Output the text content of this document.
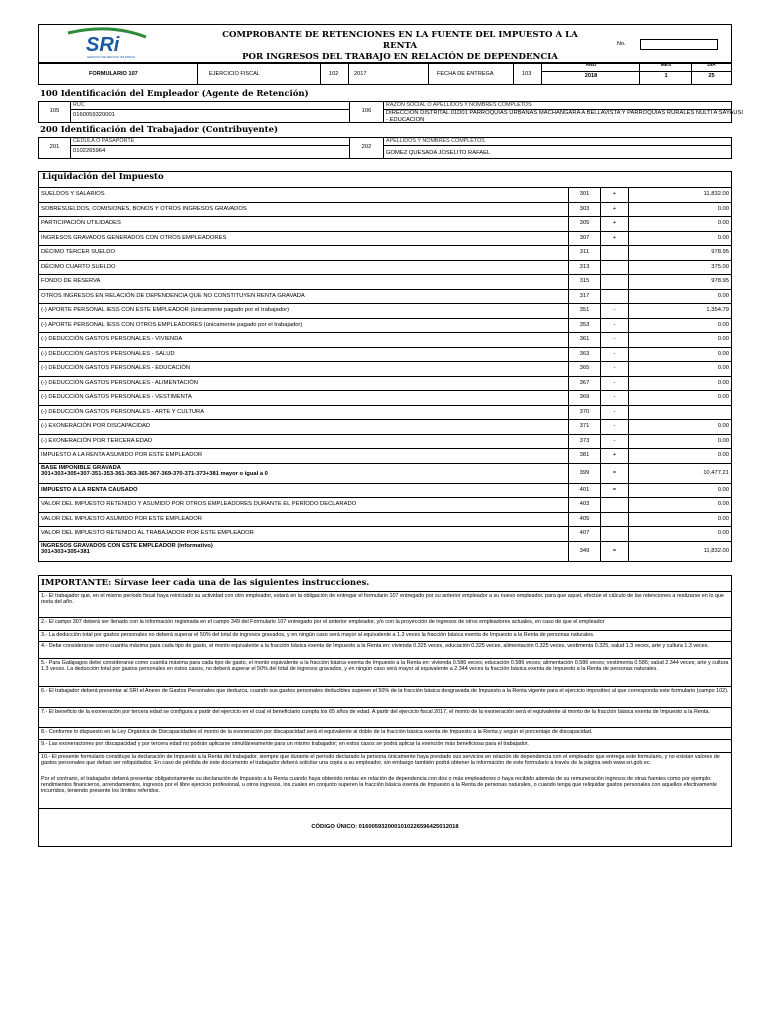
SRi
SERVICIO DE RENTAS INTERNAS
COMPROBANTE DE RETENCIONES EN LA FUENTE DEL IMPUESTO A LA RENTA
POR INGRESOS DEL TRABAJO EN RELACIÓN DE DEPENDENCIA
No.
FORMULARIO 107	EJERCICIO FISCAL	102	2017	FECHA DE ENTREGA	103
AÑO
2018
MES
1
DIA
25
100 Identificación del Empleador (Agente de Retención)
105
RUC
0160059320001
106
RAZÓN SOCIAL O APELLIDOS Y NOMBRES COMPLETOS
DIRECCION DISTRITAL 01D01 PARROQUIAS URBANAS MACHANGARA A BELLAVISTA Y PARROQUIAS RURALES NULTI A SAYAUSI
- EDUCACION
200 Identificación del Trabajador (Contribuyente)
201
CÉDULA O PASAPORTE
0102265964
202
APELLIDOS Y NOMBRES COMPLETOS
GOMEZ QUESADA JOSELITO RAFAEL
SUELDOS Y SALARIOS	301	+	11,832.00
SOBRESUELDOS, COMISIONES, BONOS Y OTROS INGRESOS GRAVADOS	303	+	0.00
PARTICIPACIÓN UTILIDADES	305	+	0.00
INGRESOS GRAVADOS GENERADOS CON OTROS EMPLEADORES	307	+	0.00
DÉCIMO TERCER SUELDO	311	978.95
DÉCIMO CUARTO SUELDO	313	375.00
FONDO DE RESERVA	315	978.95
OTROS INGRESOS EN RELACIÓN DE DEPENDENCIA QUE NO CONSTITUYEN RENTA GRAVADA	317	0.00
(-) APORTE PERSONAL IESS CON ESTE EMPLEADOR (únicamente pagado por el trabajador)	351	-	1,354.79
(-) APORTE PERSONAL IESS CON OTROS EMPLEADORES (únicamente pagado por el trabajador)	353	-	0.00
(-) DEDUCCIÓN GASTOS PERSONALES - VIVIENDA	361	-	0.00
(-) DEDUCCIÓN GASTOS PERSONALES - SALUD	363	-	0.00
(-) DEDUCCIÓN GASTOS PERSONALES - EDUCACIÓN	365	-	0.00
(-) DEDUCCIÓN GASTOS PERSONALES - ALIMENTACIÓN	367	-	0.00
(-) DEDUCCIÓN GASTOS PERSONALES - VESTIMENTA	369	-	0.00
(-) DEDUCCIÓN GASTOS PERSONALES - ARTE Y CULTURA	370	-
(-) EXONERACIÓN POR DISCAPACIDAD	371	-	0.00
(-) EXONERACIÓN POR TERCERA EDAD	373	-	0.00
IMPUESTO A LA RENTA ASUMIDO POR ESTE EMPLEADOR	381	+	0.00
BASE IMPONIBLE GRAVADA
301+303+305+307-351-353-361-363-365-367-369-370-371-373+381 mayor o igual a 0	399	=	10,477.21
IMPUESTO A LA RENTA CAUSADO	401	=	0.00
VALOR DEL IMPUESTO RETENIDO Y ASUMIDO POR OTROS EMPLEADORES DURANTE EL PERÍODO DECLARADO	403	0.00
VALOR DEL IMPUESTO ASUMIDO POR ESTE EMPLEADOR	405	0.00
VALOR DEL IMPUESTO RETENIDO AL TRABAJADOR POR ESTE EMPLEADOR	407	0.00
INGRESOS GRAVADOS CON ESTE EMPLEADOR (informativo)
301+303+305+381	349	=	11,832.00
Liquidación del Impuesto
IMPORTANTE: Sírvase leer cada una de las siguientes instrucciones.
1.- El trabajador que, en el mismo período fiscal haya reiniciado su actividad con otro empleador, estará en la obligación de entregar el formulario 107 entregado por su anterior empleador a su nuevo empleador, para que aquel, efectúe el cálculo de las retenciones a realizarse en lo que resta del año.
2.- El campo 307 deberá ser llenado con la información registrada en el campo 349 del Formulario 107 entregado por el anterior empleador, y/o con la proyección de ingresos de otros empleadores actuales, en caso de que el empleador
3.- La deducción total por gastos personales no deberá superar el 50% del total de ingresos gravados, y en ningún caso será mayor al equivalente a 1.3 veces la fracción básica exenta de Impuesto a la Renta de personas naturales.
4.- Debe considerarse como cuantía máxima para cada tipo de gasto, el monto equivalente a la fracción básica exenta de Impuesto a la Renta en: vivienda 0.325 veces, educación 0.325 veces, alimentación 0.325 veces, vestimenta 0.325, salud 1.3 veces, arte y cultura 1.3 veces.
5.- Para Galápagos debe considerarse como cuantía máxima para cada tipo de gasto, el monto equivalente a la fracción básica exenta de Impuesto a la Renta en: vivienda 0.586 veces; educación 0.586 veces; alimentación 0.586 veces; vestimenta 0.586; salud 2.344 veces; arte y cultura 1.3 veces. La deducción total por gastos personales en estos casos, no deberá superar el 50% del total de ingresos gravados, y en ningún caso será mayor al equivalente a 2.344 veces la fracción básica exenta de Impuesto a la Renta de personas naturales.
6.- El trabajador deberá presentar al SRI el Anexo de Gastos Personales que deduzca, cuando sus gastos personales deducibles superen el 50% de la fracción básica desgravada de Impuesto a la Renta vigente para el ejercicio impositivo al que corresponda este formulario (campo 102).
7.- El beneficio de la exoneración por tercera edad se configura a partir del ejercicio en el cual el beneficiario cumpla los 65 años de edad. A partir del ejercicio fiscal 2017, el monto de la exoneración será el equivalente al monto de la fracción básica exenta de Impuesto a la Renta.
8.- Conforme lo dispuesto en la Ley Orgánica de Discapacidades el monto de la exoneración por discapacidad será el equivalente al doble de la fracción básica exenta de Impuesto a la Renta y según el porcentaje de discapacidad.
9.- Las exoneraciones por discapacidad y por tercera edad no podrán aplicarse simultáneamente para un mismo trabajador; en estos casos se podrá aplicar la exención más beneficiosa para el trabajador.
10.- El presente formulario constituye la declaración de Impuesto a la Renta del trabajador, siempre que durante el período declarado la persona únicamente haya prestado sus servicios en relación de dependencia con el empleador que entrega este formulario, y no existan valores de gastos personales que deban ser reliquidados. En caso de pérdida de este documento el trabajador deberá solicitar una copia a su empleador, sin embargo también podrá obtener la información de este formulario a través de la página web www.sri.gob.ec.
Por el contrario, el trabajador deberá presentar obligatoriamente su declaración de Impuesto a la Renta cuando haya obtenido rentas en relación de dependencia con dos o más empleadores o haya recibido además de su remuneración ingresos de otras fuentes como por ejemplo: rendimientos financieros, arrendamientos, ingresos por el libre ejercicio profesional, u otros ingresos, los cuales en conjunto superen la fracción básica exenta de Impuesto a la Renta de personas naturales, o cuando tenga que reliquidar gastos personales con aquellos efectivamente incurridos, teniendo presente los límites referidos.
CÓDIGO ÚNICO: 01600593200010102265964250120​18
